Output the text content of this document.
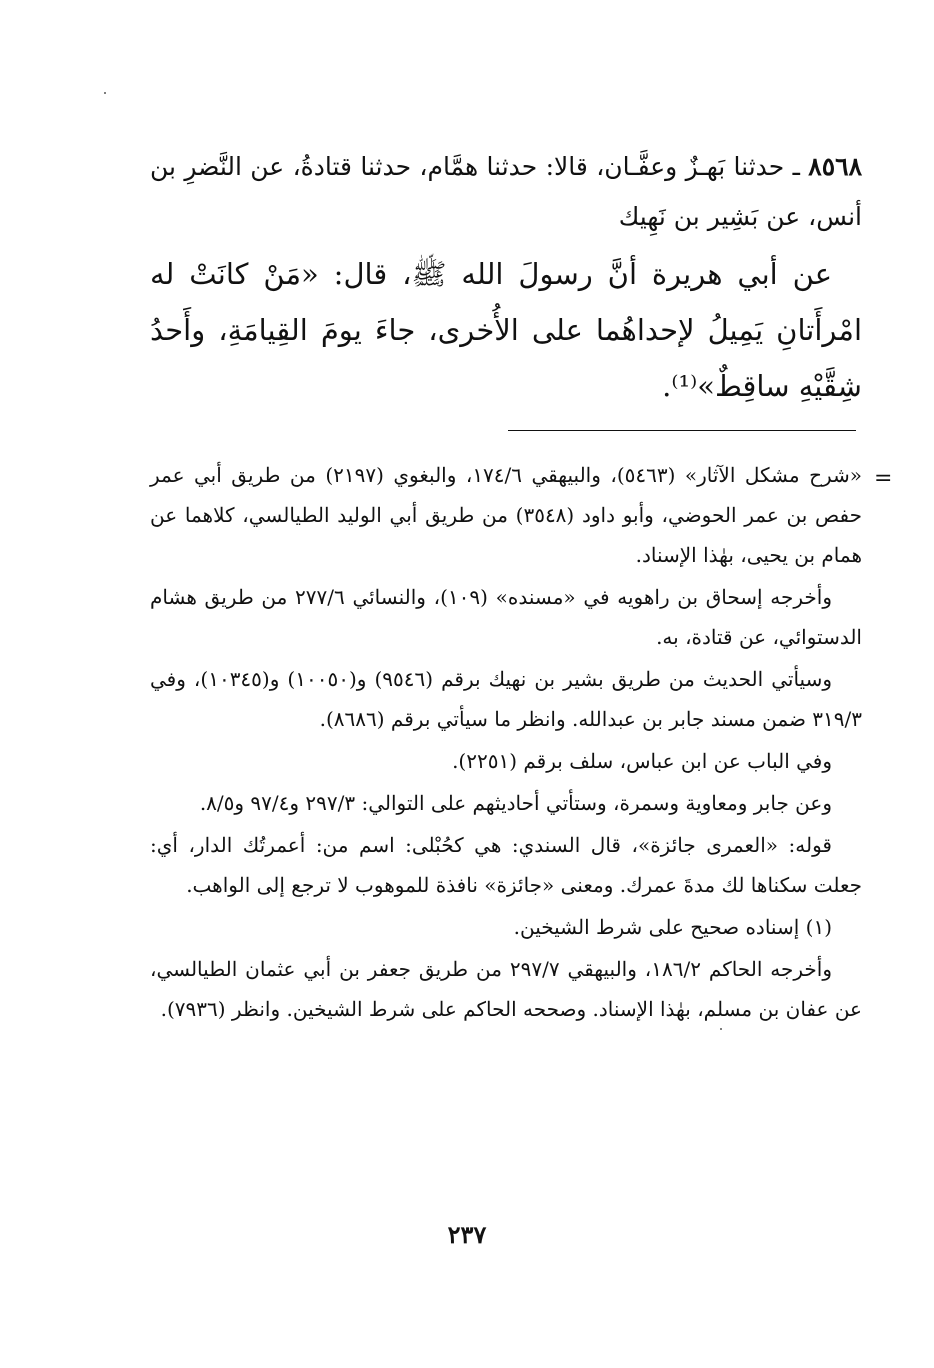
٨٥٦٨ ـ حدثنا بَهـزٌ وعفَّـان، قالا: حدثنا همَّام، حدثنا قتادةُ، عن النَّضرِ بن أنس، عن بَشِير بن نَهِيك

عن أبي هريرة أنَّ رسولَ الله ﷺ، قال: «مَنْ كانَتْ له امْرأَتانِ يَمِيلُ لإحداهُما على الأُخرى، جاءَ يومَ القِيامَةِ، وأَحدُ شِقَّيْهِ ساقِطٌ»⁽¹⁾.

=

«شرح مشكل الآثار» (٥٤٦٣)، والبيهقي ١٧٤/٦، والبغوي (٢١٩٧) من طريق أبي عمر حفص بن عمر الحوضي، وأبو داود (٣٥٤٨) من طريق أبي الوليد الطيالسي، كلاهما عن همام بن يحيى، بهٰذا الإسناد.

وأخرجه إسحاق بن راهويه في «مسنده» (١٠٩)، والنسائي ٢٧٧/٦ من طريق هشام الدستوائي، عن قتادة، به.

وسيأتي الحديث من طريق بشير بن نهيك برقم (٩٥٤٦) و(١٠٠٥٠) و(١٠٣٤٥)، وفي ٣١٩/٣ ضمن مسند جابر بن عبدالله. وانظر ما سيأتي برقم (٨٦٨٦).

وفي الباب عن ابن عباس، سلف برقم (٢٢٥١).

وعن جابر ومعاوية وسمرة، وستأتي أحاديثهم على التوالي: ٢٩٧/٣ و٩٧/٤ و٨/٥.

قوله: «العمرى جائزة»، قال السندي: هي كحُبْلى: اسم من: أعمرتُك الدار، أي: جعلت سكناها لك مدةَ عمرك. ومعنى «جائزة» نافذة للموهوب لا ترجع إلى الواهب.

(١) إسناده صحيح على شرط الشيخين.

وأخرجه الحاكم ١٨٦/٢، والبيهقي ٢٩٧/٧ من طريق جعفر بن أبي عثمان الطيالسي، عن عفان بن مسلم، بهٰذا الإسناد. وصححه الحاكم على شرط الشيخين. وانظر (٧٩٣٦).

٢٣٧
